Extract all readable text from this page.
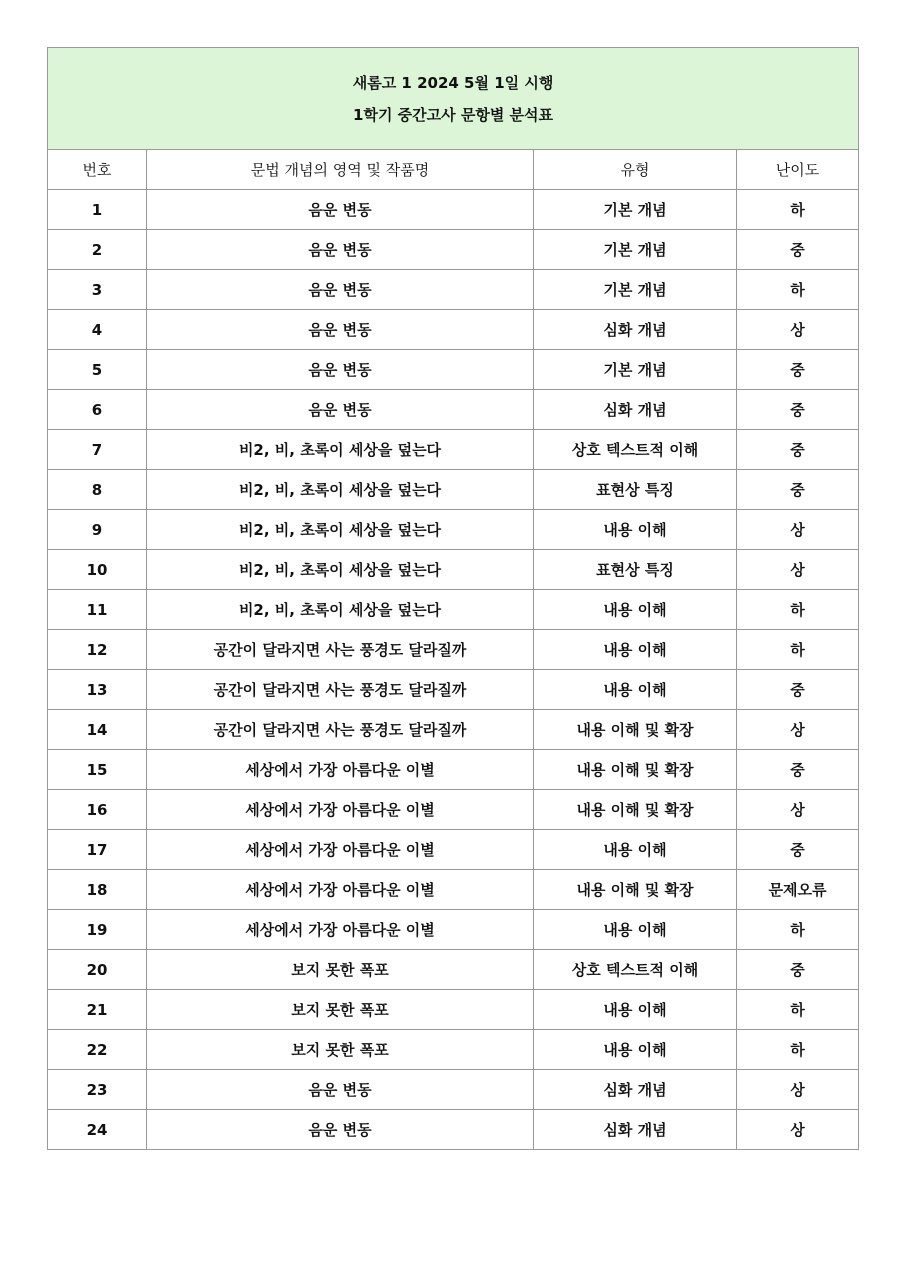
새롬고 1 2024 5월 1일 시행
1학기 중간고사 문항별 분석표			

번호	문법 개념의 영역 및 작품명	유형	난이도
1	음운 변동	기본 개념	하
2	음운 변동	기본 개념	중
3	음운 변동	기본 개념	하
4	음운 변동	심화 개념	상
5	음운 변동	기본 개념	중
6	음운 변동	심화 개념	중
7	비2, 비, 초록이 세상을 덮는다	상호 텍스트적 이해	중
8	비2, 비, 초록이 세상을 덮는다	표현상 특징	중
9	비2, 비, 초록이 세상을 덮는다	내용 이해	상
10	비2, 비, 초록이 세상을 덮는다	표현상 특징	상
11	비2, 비, 초록이 세상을 덮는다	내용 이해	하
12	공간이 달라지면 사는 풍경도 달라질까	내용 이해	하
13	공간이 달라지면 사는 풍경도 달라질까	내용 이해	중
14	공간이 달라지면 사는 풍경도 달라질까	내용 이해 및 확장	상
15	세상에서 가장 아름다운 이별	내용 이해 및 확장	중
16	세상에서 가장 아름다운 이별	내용 이해 및 확장	상
17	세상에서 가장 아름다운 이별	내용 이해	중
18	세상에서 가장 아름다운 이별	내용 이해 및 확장	문제오류
19	세상에서 가장 아름다운 이별	내용 이해	하
20	보지 못한 폭포	상호 텍스트적 이해	중
21	보지 못한 폭포	내용 이해	하
22	보지 못한 폭포	내용 이해	하
23	음운 변동	심화 개념	상
24	음운 변동	심화 개념	상
